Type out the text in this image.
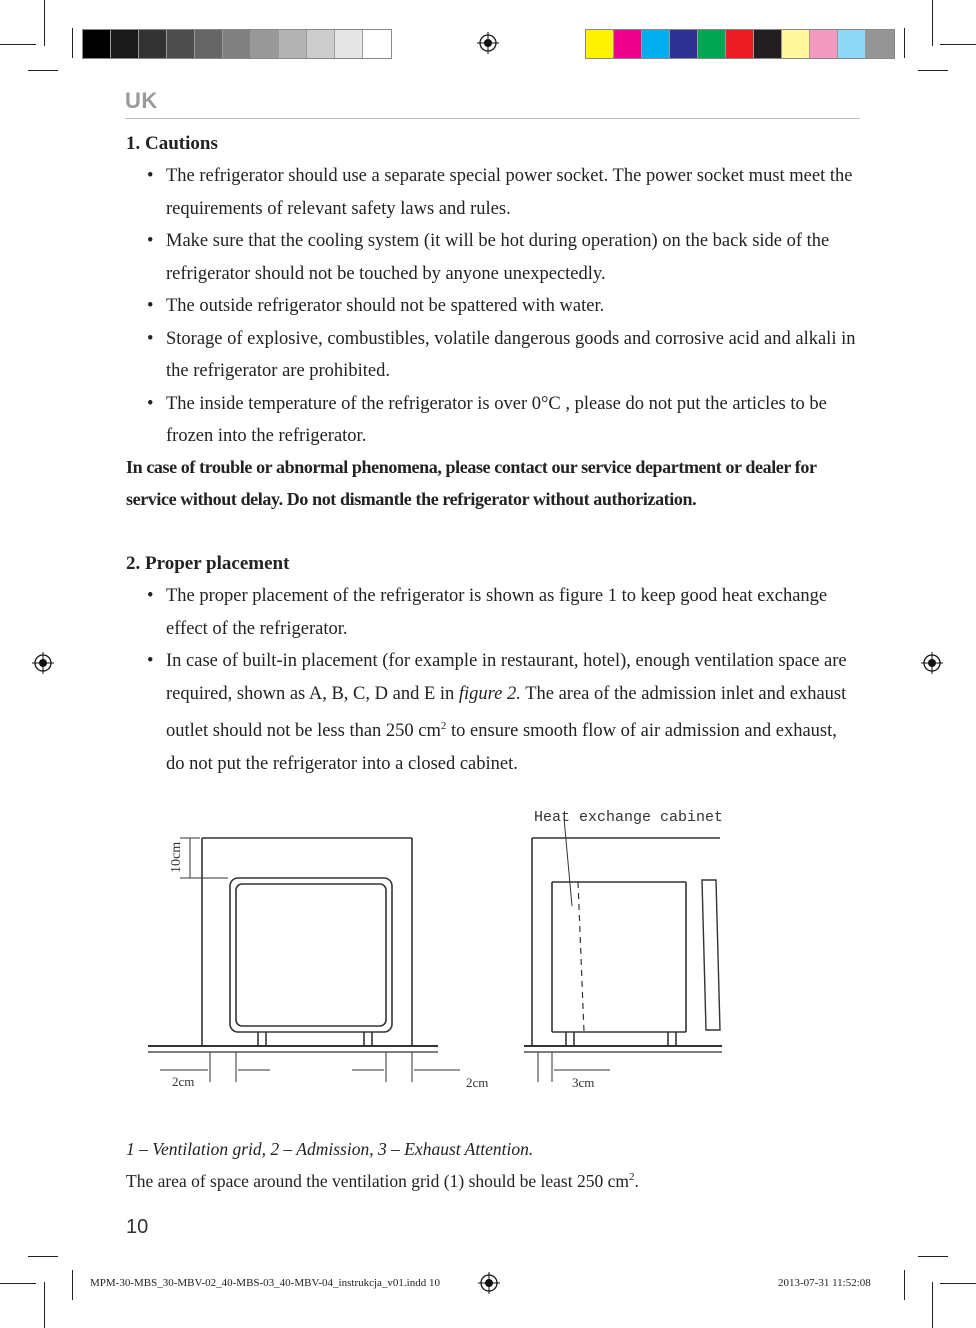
UK
1. Cautions
• The refrigerator should use a separate special power socket. The power socket must meet the requirements of relevant safety laws and rules.
• Make sure that the cooling system (it will be hot during operation) on the back side of the refrigerator should not be touched by anyone unexpectedly.
• The outside refrigerator should not be spattered with water.
• Storage of explosive, combustibles, volatile dangerous goods and corrosive acid and alkali in the refrigerator are prohibited.
• The inside temperature of the refrigerator is over 0°C , please do not put the articles to be frozen into the refrigerator.
In case of trouble or abnormal phenomena, please contact our service department or dealer for service without delay. Do not dismantle the refrigerator without authorization.
2. Proper placement
• The proper placement of the refrigerator is shown as figure 1 to keep good heat exchange effect of the refrigerator.
• In case of built-in placement (for example in restaurant, hotel), enough ventilation space are required, shown as A, B, C, D and E in figure 2. The area of the admission inlet and exhaust outlet should not be less than 250 $cm^2$ to ensure smooth flow of air admission and exhaust, do not put the refrigerator into a closed cabinet.
Heat exchange cabinet
10cm
2cm	2cm	3cm
1 – Ventilation grid, 2 – Admission, 3 – Exhaust Attention.
The area of space around the ventilation grid (1) should be least 250 $cm^2$.
10
MPM-30-MBS_30-MBV-02_40-MBS-03_40-MBV-04_instrukcja_v01.indd 10	2013-07-31 11:52:08
